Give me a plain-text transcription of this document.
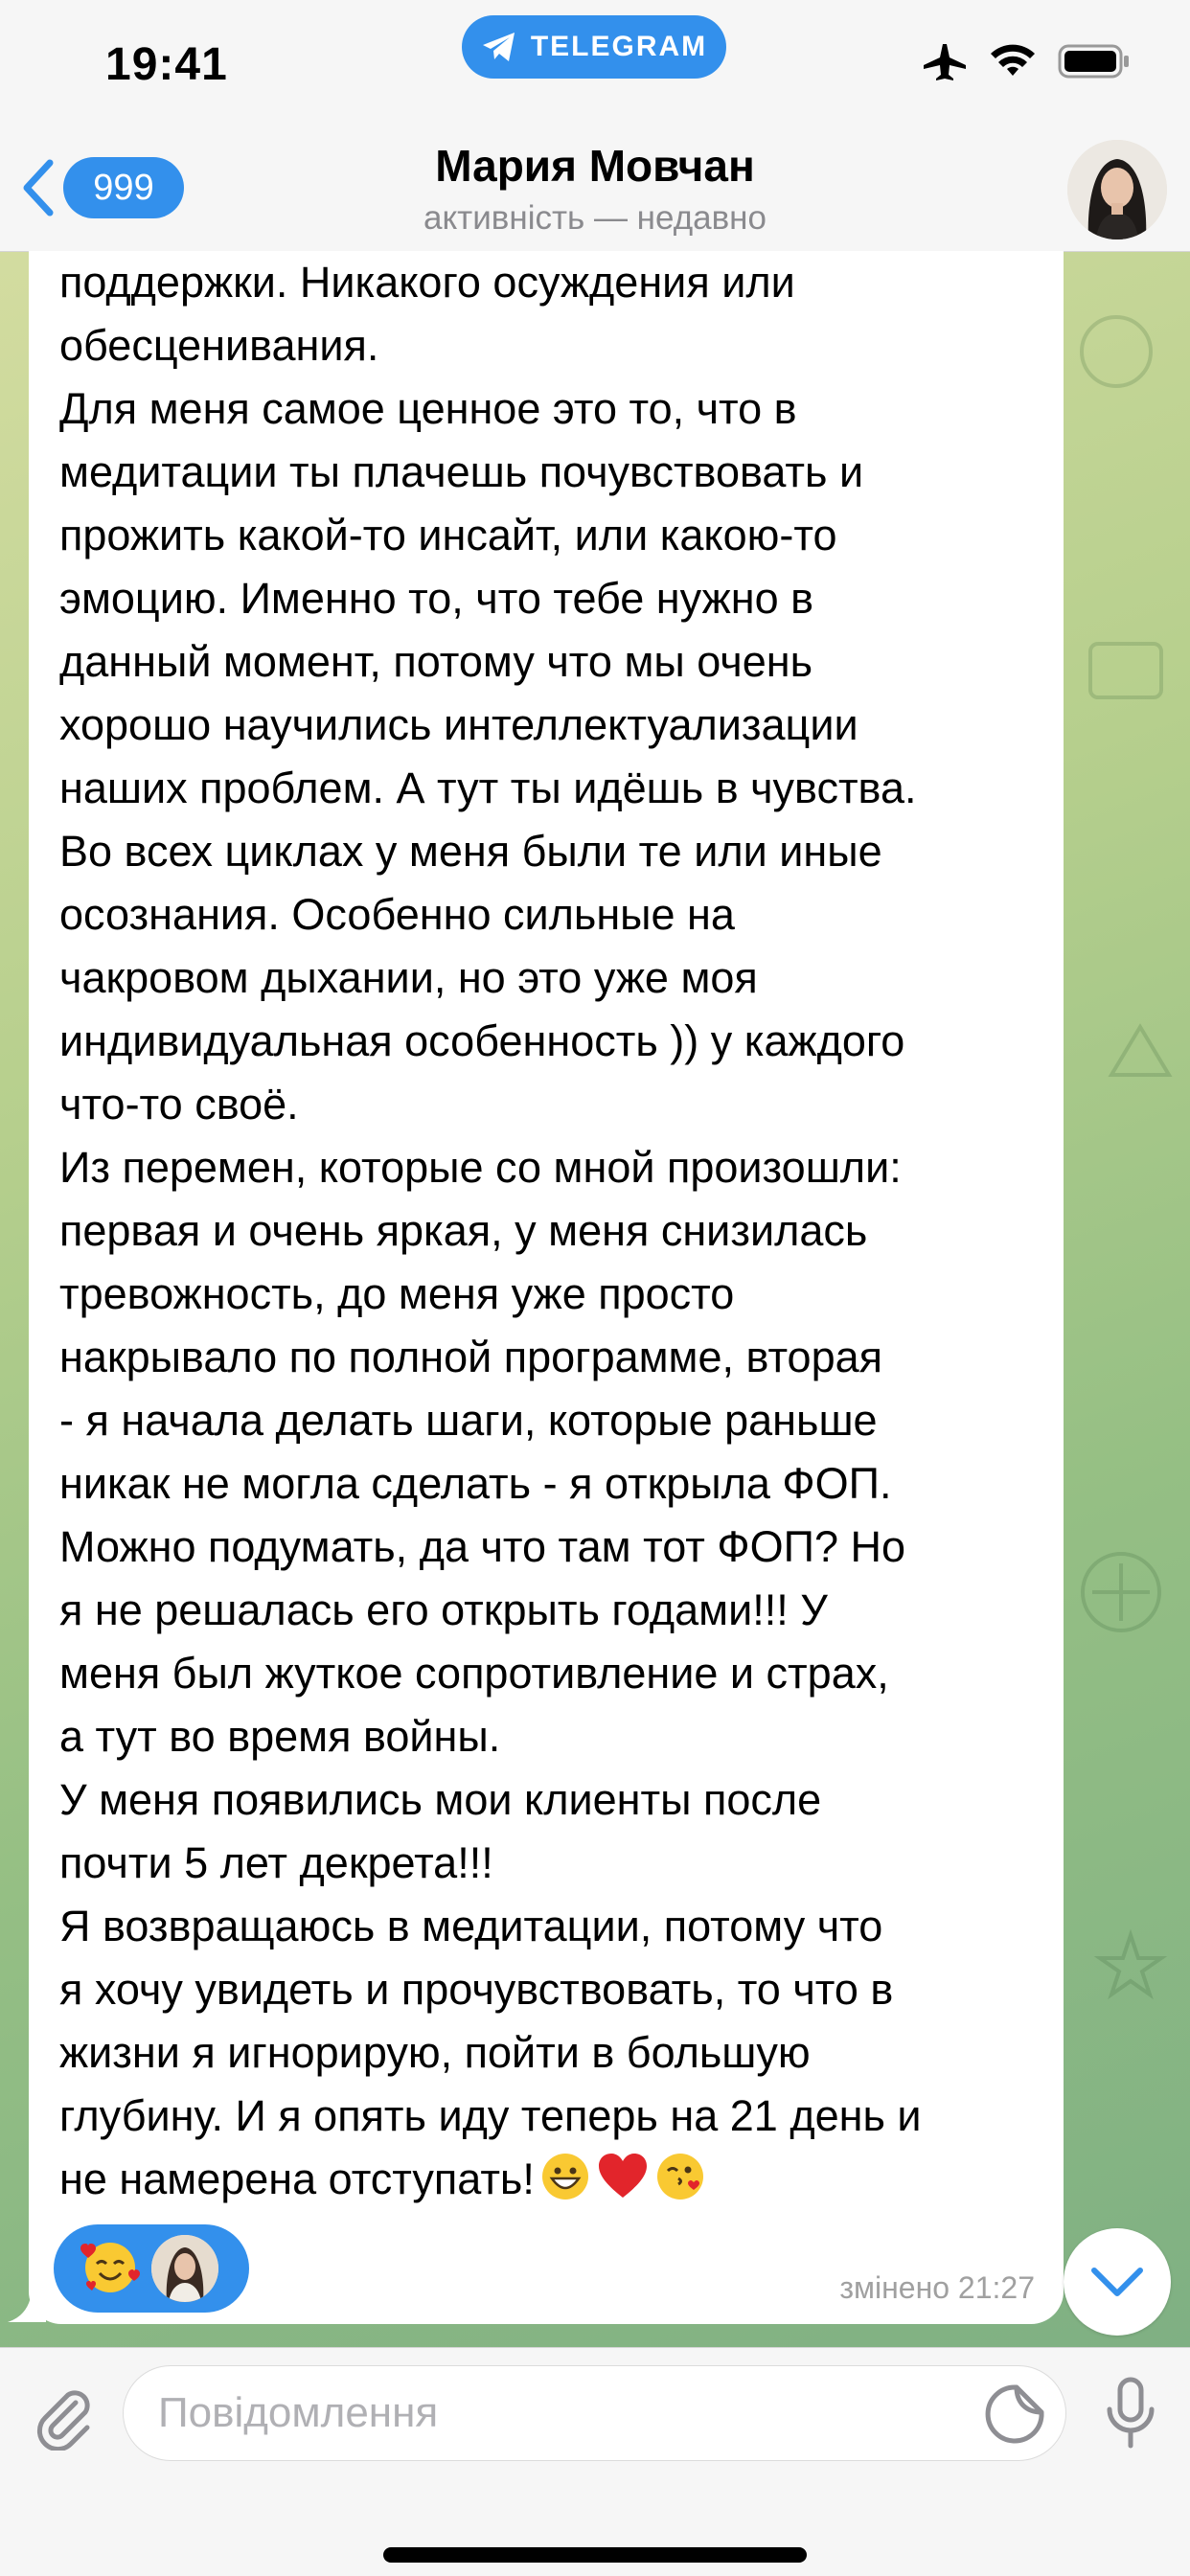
19:41	TELEGRAM
999	Мария Мовчан
активність — недавно
поддержки. Никакого осуждения или
обесценивания.
Для меня самое ценное это то, что в
медитации ты плачешь почувствовать и
прожить какой-то инсайт, или какою-то
эмоцию. Именно то, что тебе нужно в
данный момент, потому что мы очень
хорошо научились интеллектуализации
наших проблем. А тут ты идёшь в чувства.
Во всех циклах у меня были те или иные
осознания. Особенно сильные на
чакровом дыхании, но это уже моя
индивидуальная особенность )) у каждого
что-то своё.
Из перемен, которые со мной произошли:
первая и очень яркая, у меня снизилась
тревожность, до меня уже просто
накрывало по полной программе, вторая
- я начала делать шаги, которые раньше
никак не могла сделать - я открыла ФОП.
Можно подумать, да что там тот ФОП? Но
я не решалась его открыть годами!!! У
меня был жуткое сопротивление и страх,
а тут во время войны.
У меня появились мои клиенты после
почти 5 лет декрета!!!
Я возвращаюсь в медитации, потому что
я хочу увидеть и прочувствовать, то что в
жизни я игнорирую, пойти в большую
глубину. И я опять иду теперь на 21 день и
не намерена отступать!
змінено 21:27
Повідомлення
